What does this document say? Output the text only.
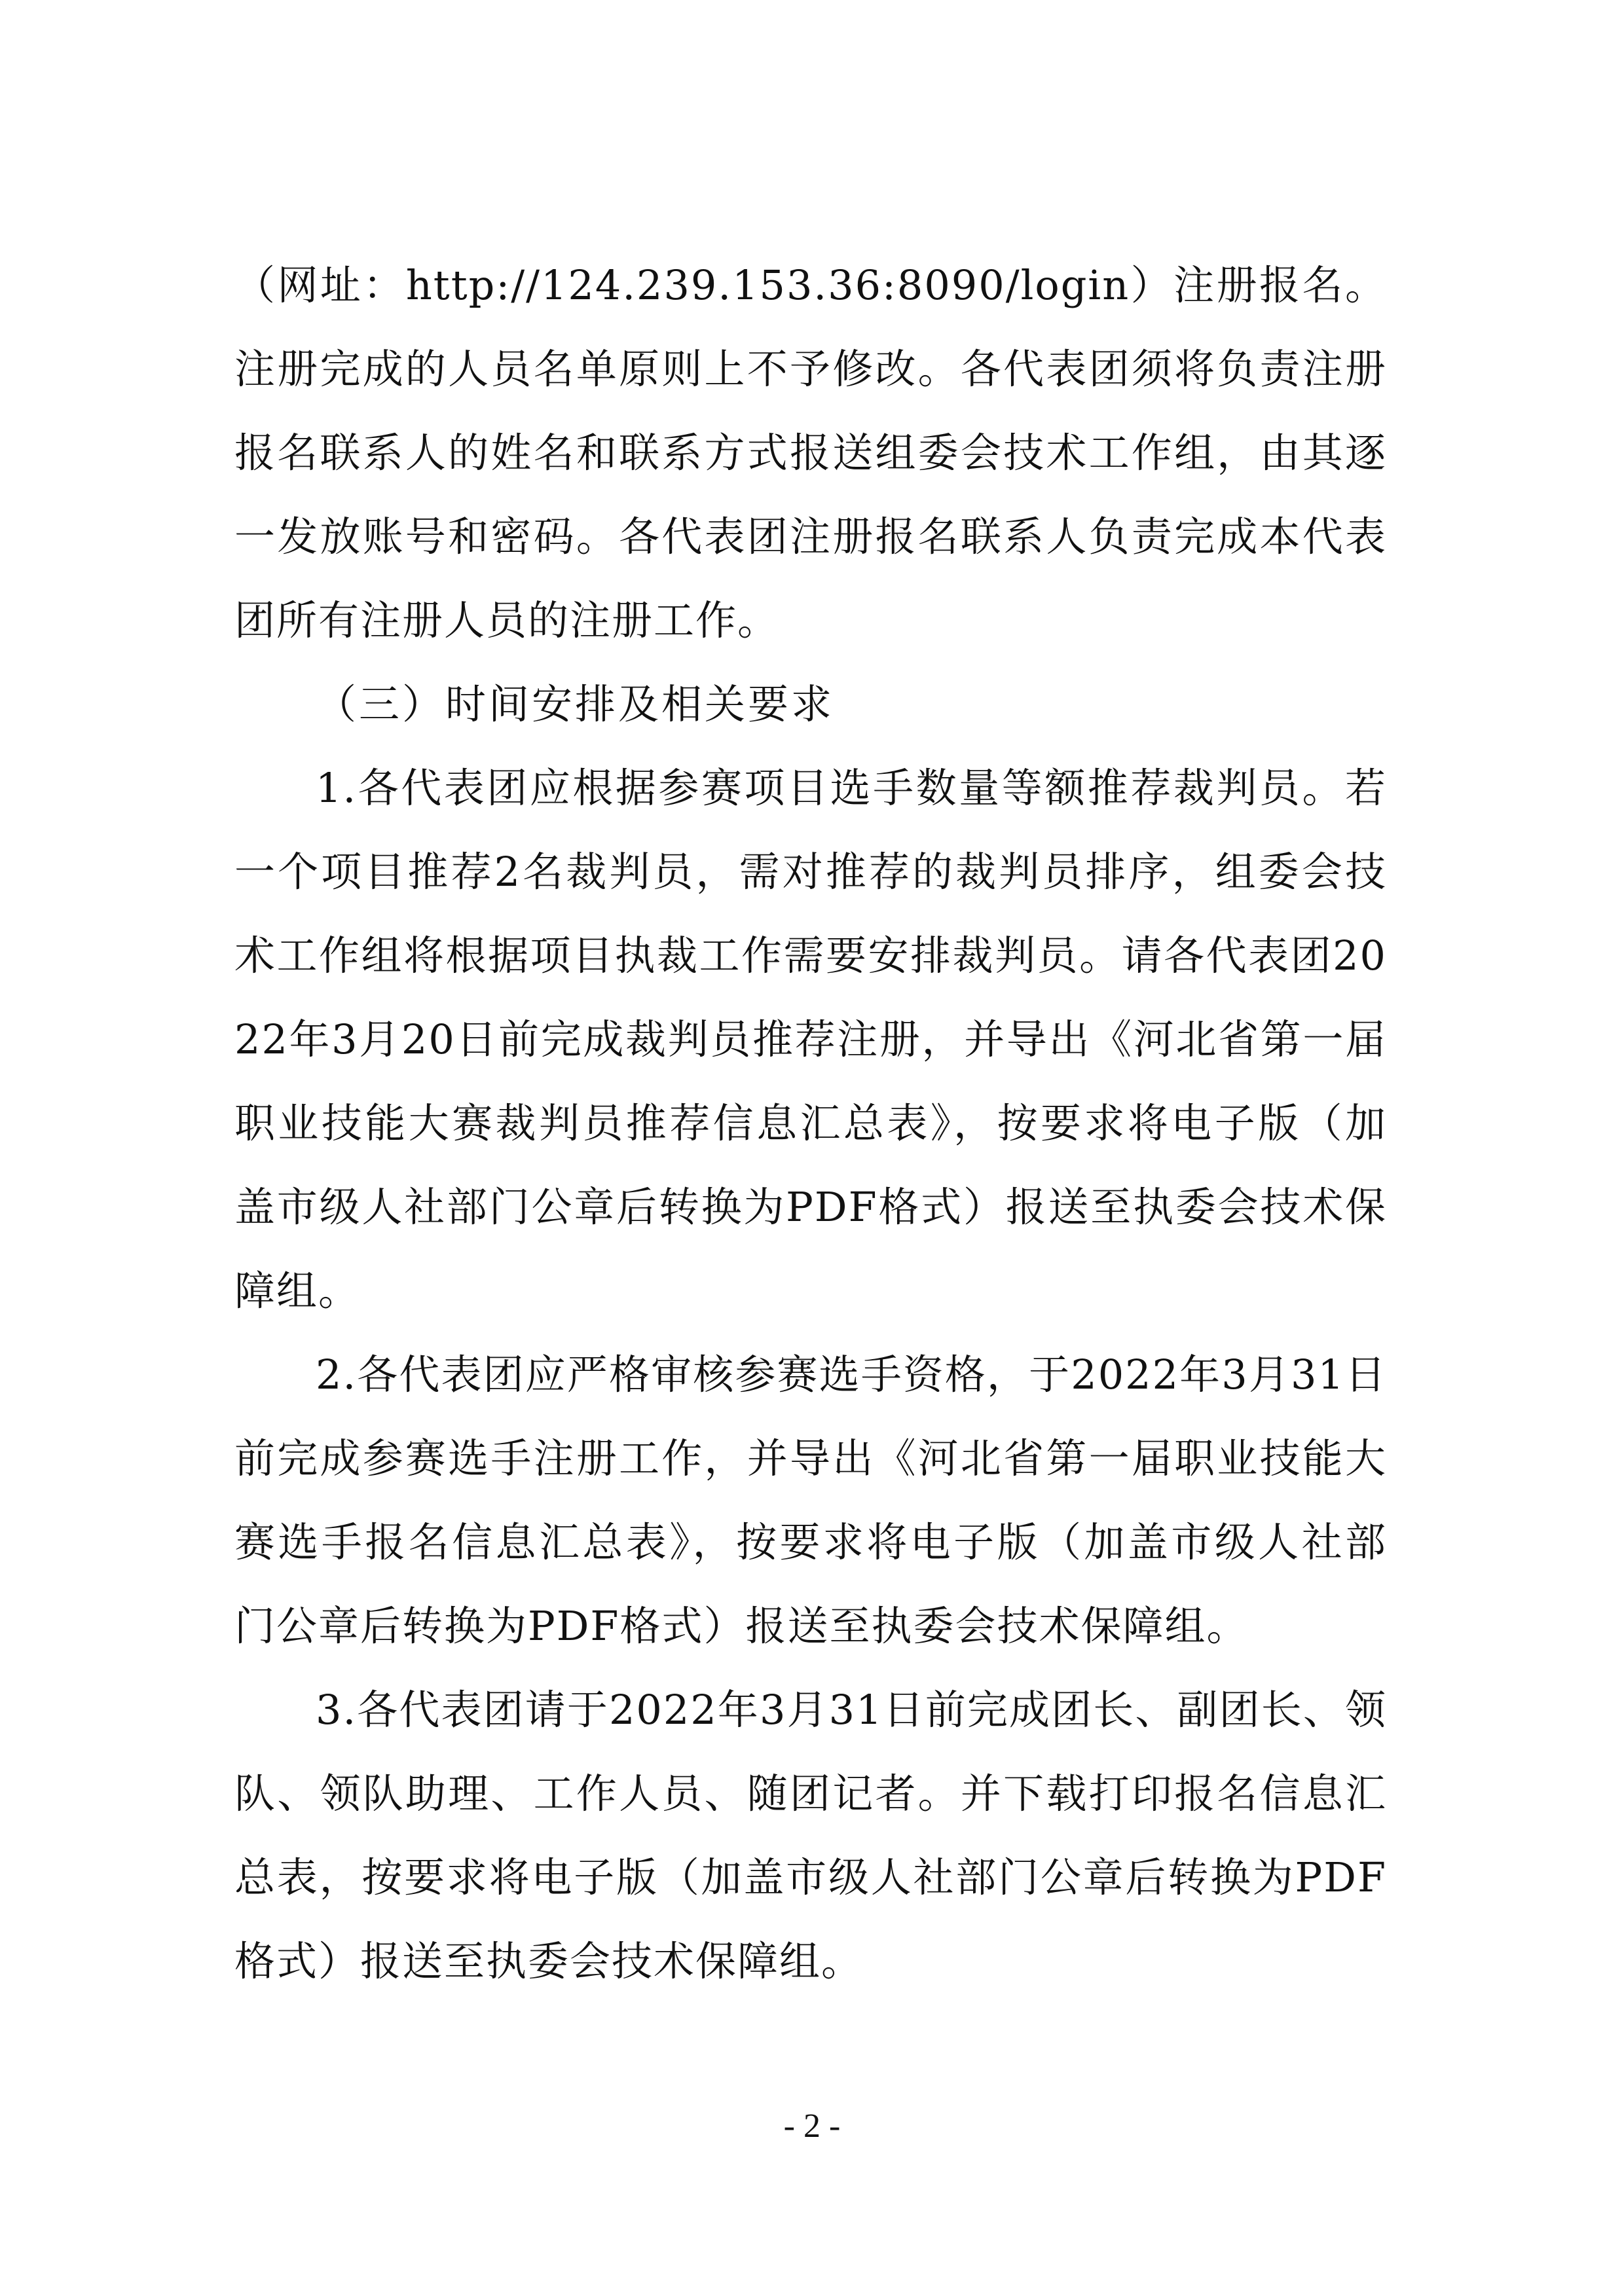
（网址：http://124.239.153.36:8090/login）注册报名。注册完成的人员名单原则上不予修改。各代表团须将负责注册报名联系人的姓名和联系方式报送组委会技术工作组，由其逐一发放账号和密码。各代表团注册报名联系人负责完成本代表团所有注册人员的注册工作。

（三）时间安排及相关要求

1.各代表团应根据参赛项目选手数量等额推荐裁判员。若一个项目推荐2名裁判员，需对推荐的裁判员排序，组委会技术工作组将根据项目执裁工作需要安排裁判员。请各代表团2022年3月20日前完成裁判员推荐注册，并导出《河北省第一届职业技能大赛裁判员推荐信息汇总表》，按要求将电子版（加盖市级人社部门公章后转换为PDF格式）报送至执委会技术保障组。

2.各代表团应严格审核参赛选手资格，于2022年3月31日前完成参赛选手注册工作，并导出《河北省第一届职业技能大赛选手报名信息汇总表》，按要求将电子版（加盖市级人社部门公章后转换为PDF格式）报送至执委会技术保障组。

3.各代表团请于2022年3月31日前完成团长、副团长、领队、领队助理、工作人员、随团记者。并下载打印报名信息汇总表，按要求将电子版（加盖市级人社部门公章后转换为PDF格式）报送至执委会技术保障组。

- 2 -
